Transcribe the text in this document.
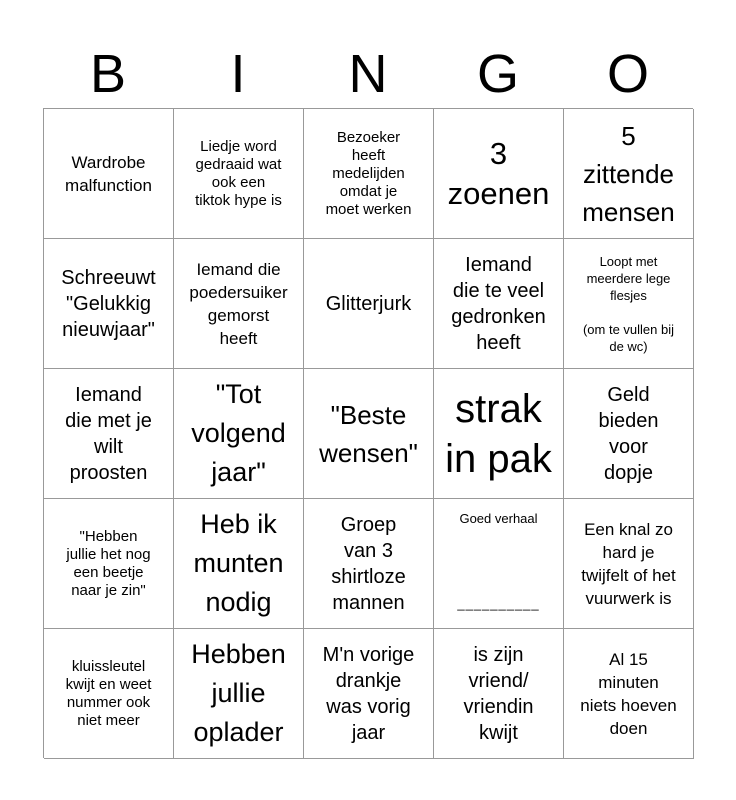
B	I	N	G	O
Wardrobe
malfunction
Liedje word
gedraaid wat
ook een
tiktok hype is
Bezoeker
heeft
medelijden
omdat je
moet werken
3
zoenen
5
zittende
mensen
Schreeuwt
"Gelukkig
nieuwjaar"
Iemand die
poedersuiker
gemorst
heeft
Glitterjurk
Iemand
die te veel
gedronken
heeft
Loopt met
meerdere lege
flesjes

(om te vullen bij
de wc)
Iemand
die met je
wilt
proosten
"Tot
volgend
jaar"
"Beste
wensen"
strak
in pak
Geld
bieden
voor
dopje
"Hebben
jullie het nog
een beetje
naar je zin"
Heb ik
munten
nodig
Groep
van 3
shirtloze
mannen
Goed verhaal
__________
Een knal zo
hard je
twijfelt of het
vuurwerk is
kluissleutel
kwijt en weet
nummer ook
niet meer
Hebben
jullie
oplader
M'n vorige
drankje
was vorig
jaar
is zijn
vriend/
vriendin
kwijt
Al 15
minuten
niets hoeven
doen
